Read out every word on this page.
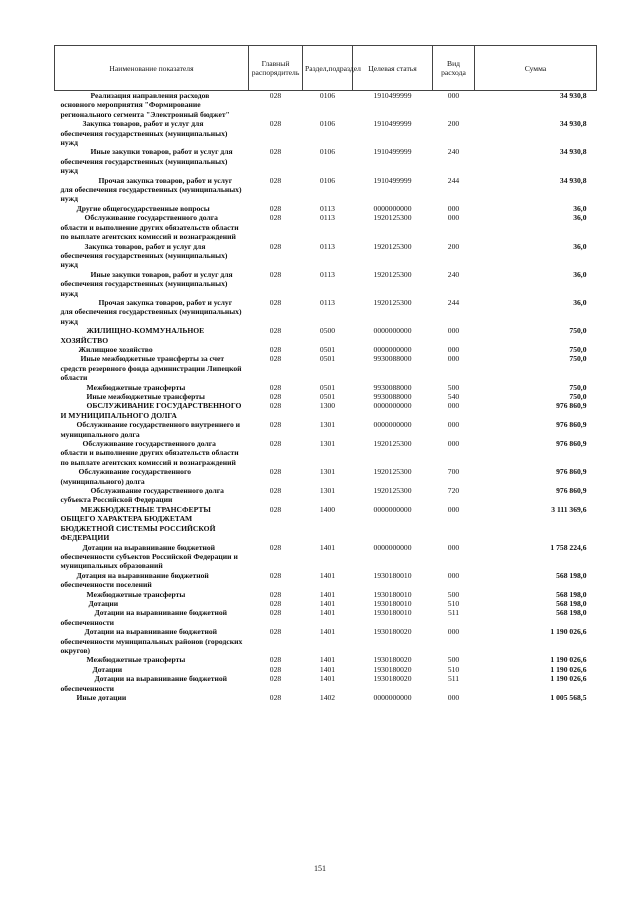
Наименование показателя	Главный распорядитель	Раздел,подраздел	Целевая статья	Вид расхода	Сумма
Реализация направления расходов основного мероприятия "Формирование регионального сегмента "Электронный бюджет"	028	0106	1910499999	000	34 930,8
Закупка товаров, работ и услуг для обеспечения государственных (муниципальных) нужд	028	0106	1910499999	200	34 930,8
Иные закупки товаров, работ и услуг для обеспечения государственных (муниципальных) нужд	028	0106	1910499999	240	34 930,8
Прочая закупка товаров, работ и услуг для обеспечения государственных (муниципальных) нужд	028	0106	1910499999	244	34 930,8
Другие общегосударственные вопросы	028	0113	0000000000	000	36,0
Обслуживание государственного долга области и выполнение других обязательств области по выплате агентских комиссий и вознаграждений	028	0113	1920125300	000	36,0
Закупка товаров, работ и услуг для обеспечения государственных (муниципальных) нужд	028	0113	1920125300	200	36,0
Иные закупки товаров, работ и услуг для обеспечения государственных (муниципальных) нужд	028	0113	1920125300	240	36,0
Прочая закупка товаров, работ и услуг для обеспечения государственных (муниципальных) нужд	028	0113	1920125300	244	36,0
ЖИЛИЩНО-КОММУНАЛЬНОЕ ХОЗЯЙСТВО	028	0500	0000000000	000	750,0
Жилищное хозяйство	028	0501	0000000000	000	750,0
Иные межбюджетные трансферты за счет средств резервного фонда администрации Липецкой области	028	0501	9930088000	000	750,0
Межбюджетные трансферты	028	0501	9930088000	500	750,0
Иные межбюджетные трансферты	028	0501	9930088000	540	750,0
ОБСЛУЖИВАНИЕ ГОСУДАРСТВЕННОГО И МУНИЦИПАЛЬНОГО ДОЛГА	028	1300	0000000000	000	976 860,9
Обслуживание государственного внутреннего и муниципального долга	028	1301	0000000000	000	976 860,9
Обслуживание государственного долга области и выполнение других обязательств области по выплате агентских комиссий и вознаграждений	028	1301	1920125300	000	976 860,9
Обслуживание государственного (муниципального) долга	028	1301	1920125300	700	976 860,9
Обслуживание государственного долга субъекта Российской Федерации	028	1301	1920125300	720	976 860,9
МЕЖБЮДЖЕТНЫЕ ТРАНСФЕРТЫ ОБЩЕГО ХАРАКТЕРА БЮДЖЕТАМ БЮДЖЕТНОЙ СИСТЕМЫ РОССИЙСКОЙ ФЕДЕРАЦИИ	028	1400	0000000000	000	3 111 369,6
Дотации на выравнивание бюджетной обеспеченности субъектов Российской Федерации и муниципальных образований	028	1401	0000000000	000	1 758 224,6
Дотация на выравнивание бюджетной обеспеченности поселений	028	1401	1930180010	000	568 198,0
Межбюджетные трансферты	028	1401	1930180010	500	568 198,0
Дотации	028	1401	1930180010	510	568 198,0
Дотации на выравнивание бюджетной обеспеченности	028	1401	1930180010	511	568 198,0
Дотации на выравнивание бюджетной обеспеченности муниципальных районов (городских округов)	028	1401	1930180020	000	1 190 026,6
Межбюджетные трансферты	028	1401	1930180020	500	1 190 026,6
Дотации	028	1401	1930180020	510	1 190 026,6
Дотации на выравнивание бюджетной обеспеченности	028	1401	1930180020	511	1 190 026,6
Иные дотации	028	1402	0000000000	000	1 005 568,5
151
